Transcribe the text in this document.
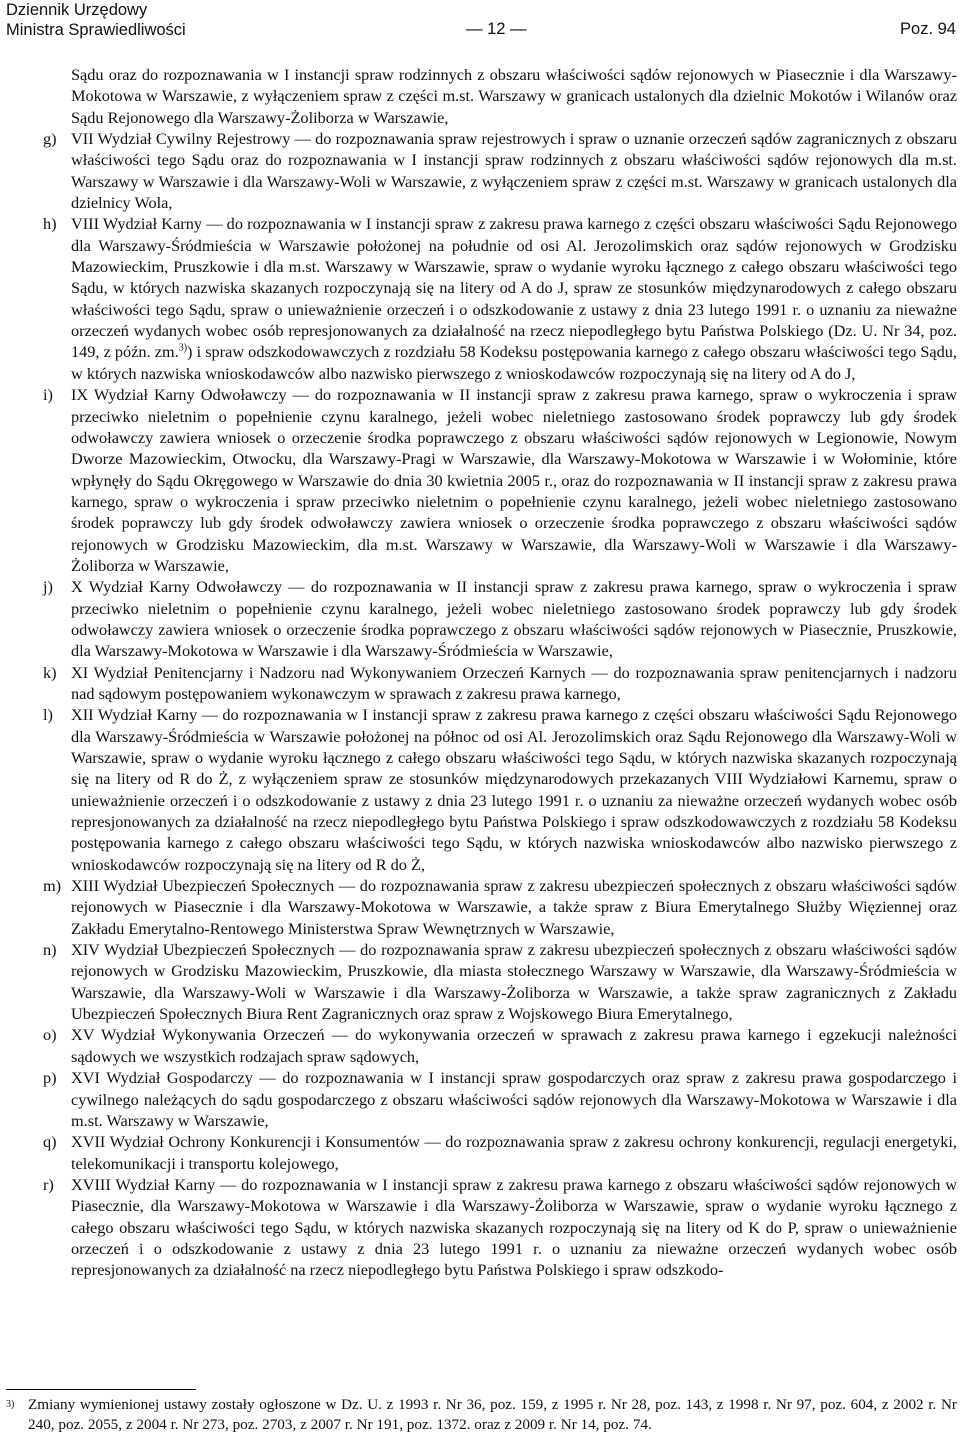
Dziennik Urzędowy
Ministra Sprawiedliwości	— 12 —	Poz. 94

Sądu oraz do rozpoznawania w I instancji spraw rodzinnych z obszaru właściwości sądów rejonowych w Piasecznie i dla Warszawy-Mokotowa w Warszawie, z wyłączeniem spraw z części m.st. Warszawy w granicach ustalonych dla dzielnic Mokotów i Wilanów oraz Sądu Rejonowego dla Warszawy-Żoliborza w Warszawie,

g) VII Wydział Cywilny Rejestrowy — do rozpoznawania spraw rejestrowych i spraw o uznanie orzeczeń sądów zagranicznych z obszaru właściwości tego Sądu oraz do rozpoznawania w I instancji spraw rodzinnych z obszaru właściwości sądów rejonowych dla m.st. Warszawy w Warszawie i dla Warszawy-Woli w Warszawie, z wyłączeniem spraw z części m.st. Warszawy w granicach ustalonych dla dzielnicy Wola,

h) VIII Wydział Karny — do rozpoznawania w I instancji spraw z zakresu prawa karnego z części obszaru właściwości Sądu Rejonowego dla Warszawy-Śródmieścia w Warszawie położonej na południe od osi Al. Jerozolimskich oraz sądów rejonowych w Grodzisku Mazowieckim, Pruszkowie i dla m.st. Warszawy w Warszawie, spraw o wydanie wyroku łącznego z całego obszaru właściwości tego Sądu, w których nazwiska skazanych rozpoczynają się na litery od A do J, spraw ze stosunków międzynarodowych z całego obszaru właściwości tego Sądu, spraw o unieważnienie orzeczeń i o odszkodowanie z ustawy z dnia 23 lutego 1991 r. o uznaniu za nieważne orzeczeń wydanych wobec osób represjonowanych za działalność na rzecz niepodległego bytu Państwa Polskiego (Dz. U. Nr 34, poz. 149, z późn. zm.$^{3)}$) i spraw odszkodowawczych z rozdziału 58 Kodeksu postępowania karnego z całego obszaru właściwości tego Sądu, w których nazwiska wnioskodawców albo nazwisko pierwszego z wnioskodawców rozpoczynają się na litery od A do J,

i)	IX Wydział Karny Odwoławczy — do rozpoznawania w II instancji spraw z zakresu prawa karnego, spraw o wykroczenia i spraw przeciwko nieletnim o popełnienie czynu karalnego, jeżeli wobec nieletniego zastosowano środek poprawczy lub gdy środek odwoławczy zawiera wniosek o orzeczenie środka poprawczego z obszaru właściwości sądów rejonowych w Legionowie, Nowym Dworze Mazowieckim, Otwocku, dla Warszawy-Pragi w Warszawie, dla Warszawy-Mokotowa w Warszawie i w Wołominie, które wpłynęły do Sądu Okręgowego w Warszawie do dnia 30 kwietnia 2005 r., oraz do rozpoznawania w II instancji spraw z zakresu prawa karnego, spraw o wykroczenia i spraw przeciwko nieletnim o popełnienie czynu karalnego, jeżeli wobec nieletniego zastosowano środek poprawczy lub gdy środek odwoławczy zawiera wniosek o orzeczenie środka poprawczego z obszaru właściwości sądów rejonowych w Grodzisku Mazowieckim, dla m.st. Warszawy w Warszawie, dla Warszawy-Woli w Warszawie i dla Warszawy-Żoliborza w Warszawie,

j)	X Wydział Karny Odwoławczy — do rozpoznawania w II instancji spraw z zakresu prawa karnego, spraw o wykroczenia i spraw przeciwko nieletnim o popełnienie czynu karalnego, jeżeli wobec nieletniego zastosowano środek poprawczy lub gdy środek odwoławczy zawiera wniosek o orzeczenie środka poprawczego z obszaru właściwości sądów rejonowych w Piasecznie, Pruszkowie, dla Warszawy-Mokotowa w Warszawie i dla Warszawy-Śródmieścia w Warszawie,

k) XI Wydział Penitencjarny i Nadzoru nad Wykonywaniem Orzeczeń Karnych — do rozpoznawania spraw penitencjarnych i nadzoru nad sądowym postępowaniem wykonawczym w sprawach z zakresu prawa karnego,

l)	XII Wydział Karny — do rozpoznawania w I instancji spraw z zakresu prawa karnego z części obszaru właściwości Sądu Rejonowego dla Warszawy-Śródmieścia w Warszawie położonej na północ od osi Al. Jerozolimskich oraz Sądu Rejonowego dla Warszawy-Woli w Warszawie, spraw o wydanie wyroku łącznego z całego obszaru właściwości tego Sądu, w których nazwiska skazanych rozpoczynają się na litery od R do Ż, z wyłączeniem spraw ze stosunków międzynarodowych przekazanych VIII Wydziałowi Karnemu, spraw o unieważnienie orzeczeń i o odszkodowanie z ustawy z dnia 23 lutego 1991 r. o uznaniu za nieważne orzeczeń wydanych wobec osób represjonowanych za działalność na rzecz niepodległego bytu Państwa Polskiego i spraw odszkodowawczych z rozdziału 58 Kodeksu postępowania karnego z całego obszaru właściwości tego Sądu, w których nazwiska wnioskodawców albo nazwisko pierwszego z wnioskodawców rozpoczynają się na litery od R do Ż,

m) XIII Wydział Ubezpieczeń Społecznych — do rozpoznawania spraw z zakresu ubezpieczeń społecznych z obszaru właściwości sądów rejonowych w Piasecznie i dla Warszawy-Mokotowa w Warszawie, a także spraw z Biura Emerytalnego Służby Więziennej oraz Zakładu Emerytalno-Rentowego Ministerstwa Spraw Wewnętrznych w Warszawie,

n) XIV Wydział Ubezpieczeń Społecznych — do rozpoznawania spraw z zakresu ubezpieczeń społecznych z obszaru właściwości sądów rejonowych w Grodzisku Mazowieckim, Pruszkowie, dla miasta stołecznego Warszawy w Warszawie, dla Warszawy-Śródmieścia w Warszawie, dla Warszawy-Woli w Warszawie i dla Warszawy-Żoliborza w Warszawie, a także spraw zagranicznych z Zakładu Ubezpieczeń Społecznych Biura Rent Zagranicznych oraz spraw z Wojskowego Biura Emerytalnego,

o) XV Wydział Wykonywania Orzeczeń — do wykonywania orzeczeń w sprawach z zakresu prawa karnego i egzekucji należności sądowych we wszystkich rodzajach spraw sądowych,

p) XVI Wydział Gospodarczy — do rozpoznawania w I instancji spraw gospodarczych oraz spraw z zakresu prawa gospodarczego i cywilnego należących do sądu gospodarczego z obszaru właściwości sądów rejonowych dla Warszawy-Mokotowa w Warszawie i dla m.st. Warszawy w Warszawie,

q) XVII Wydział Ochrony Konkurencji i Konsumentów — do rozpoznawania spraw z zakresu ochrony konkurencji, regulacji energetyki, telekomunikacji i transportu kolejowego,

r)	XVIII Wydział Karny — do rozpoznawania w I instancji spraw z zakresu prawa karnego z obszaru właściwości sądów rejonowych w Piasecznie, dla Warszawy-Mokotowa w Warszawie i dla Warszawy-Żoliborza w Warszawie, spraw o wydanie wyroku łącznego z całego obszaru właściwości tego Sądu, w których nazwiska skazanych rozpoczynają się na litery od K do P, spraw o unieważnienie orzeczeń i o odszkodowanie z ustawy z dnia 23 lutego 1991 r. o uznaniu za nieważne orzeczeń wydanych wobec osób represjonowanych za działalność na rzecz niepodległego bytu Państwa Polskiego i spraw odszkodo-

3) Zmiany wymienionej ustawy zostały ogłoszone w Dz. U. z 1993 r. Nr 36, poz. 159, z 1995 r. Nr 28, poz. 143, z 1998 r. Nr 97, poz. 604, z 2002 r. Nr 240, poz. 2055, z 2004 r. Nr 273, poz. 2703, z 2007 r. Nr 191, poz. 1372. oraz z 2009 r. Nr 14, poz. 74.
